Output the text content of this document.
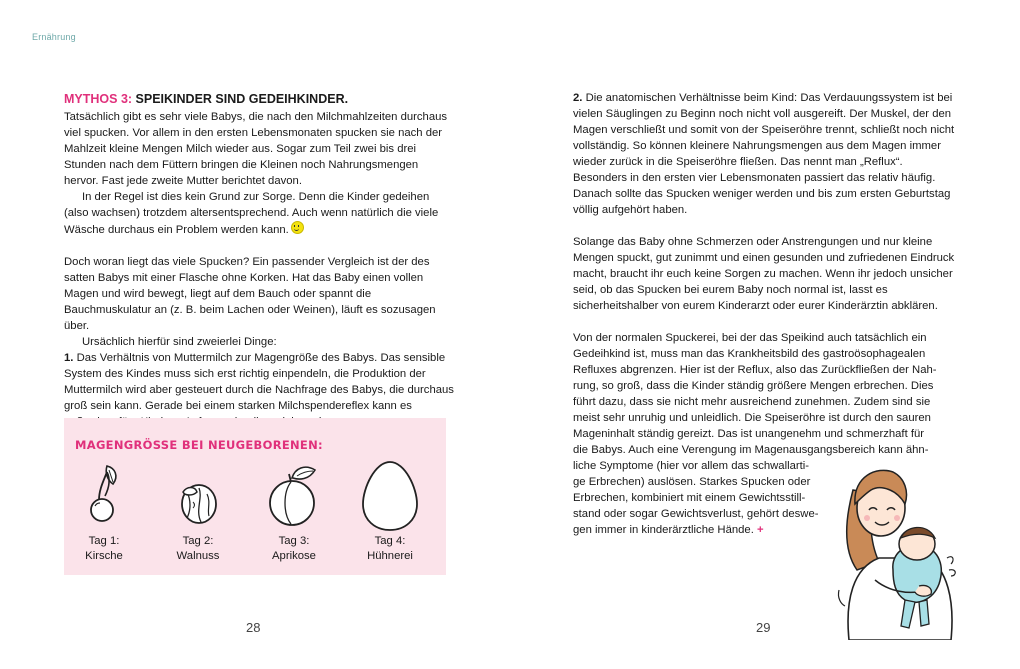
Ernährung

MYTHOS 3: SPEIKINDER SIND GEDEIHKINDER.

Tatsächlich gibt es sehr viele Babys, die nach den Milchmahlzeiten durchaus viel spucken. Vor allem in den ersten Lebensmonaten spucken sie nach der Mahlzeit kleine Mengen Milch wieder aus. Sogar zum Teil zwei bis drei Stunden nach dem Füttern bringen die Kleinen noch Nahrungsmengen hervor. Fast jede zweite Mutter berichtet davon.

In der Regel ist dies kein Grund zur Sorge. Denn die Kinder gedeihen (also wachsen) trotzdem altersentsprechend. Auch wenn natürlich die viele Wäsche durchaus ein Problem werden kann.

Doch woran liegt das viele Spucken? Ein passender Vergleich ist der des satten Babys mit einer Flasche ohne Korken. Hat das Baby einen vollen Magen und wird bewegt, liegt auf dem Bauch oder spannt die Bauchmuskulatur an (z. B. beim Lachen oder Weinen), läuft es sozusagen über.

Ursächlich hierfür sind zweierlei Dinge:

1. Das Verhältnis von Muttermilch zur Magengröße des Babys. Das sensible System des Kindes muss sich erst richtig einpendeln, die Produktion der Muttermilch wird aber gesteuert durch die Nachfrage des Babys, die durchaus groß sein kann. Gerade bei einem starken Milchspendereflex kann es

MAGENGRÖSSE BEI NEUGEBORENEN:
Tag 1:
Kirsche
Tag 2:
Walnuss
Tag 3:
Aprikose
Tag 4:
Hühnerei
28

2. Die anatomischen Verhältnisse beim Kind: Das Verdauungssystem ist bei vielen Säuglingen zu Beginn noch nicht voll ausgereift. Der Muskel, der den Magen verschließt und somit von der Speiseröhre trennt, schließt noch nicht vollständig. So können kleinere Nahrungsmengen aus dem Magen immer wieder zurück in die Speiseröhre fließen. Das nennt man „Reflux“. Besonders in den ersten vier Lebensmonaten passiert das relativ häufig. Danach sollte das Spucken weniger werden und bis zum ersten Geburtstag völlig aufgehört haben.

Solange das Baby ohne Schmerzen oder Anstrengungen und nur kleine Mengen spuckt, gut zunimmt und einen gesunden und zufriedenen Eindruck macht, braucht ihr euch keine Sorgen zu machen. Wenn ihr jedoch unsicher seid, ob das Spucken bei eurem Baby noch normal ist, lasst es sicherheitshalber von eurem Kinderarzt oder eurer Kinderärztin abklären.

Von der normalen Spuckerei, bei der das Speikind auch tatsächlich ein
Gedeihkind ist, muss man das Krankheitsbild des gastroösophagealen
Refluxes abgrenzen. Hier ist der Reflux, also das Zurückfließen der Nah-
rung, so groß, dass die Kinder ständig größere Mengen erbrechen. Dies
führt dazu, dass sie nicht mehr ausreichend zunehmen. Zudem sind sie
meist sehr unruhig und unleidlich. Die Speiseröhre ist durch den sauren
Mageninhalt ständig gereizt. Das ist unangenehm und schmerzhaft für
die Babys. Auch eine Verengung im Magenausgangsbereich kann ähn-
liche Symptome (hier vor allem das schwallarti-
ge Erbrechen) auslösen. Starkes Spucken oder
Erbrechen, kombiniert mit einem Gewichtsstill-
stand oder sogar Gewichtsverlust, gehört deswe-
gen immer in kinderärztliche Hände. +
29
